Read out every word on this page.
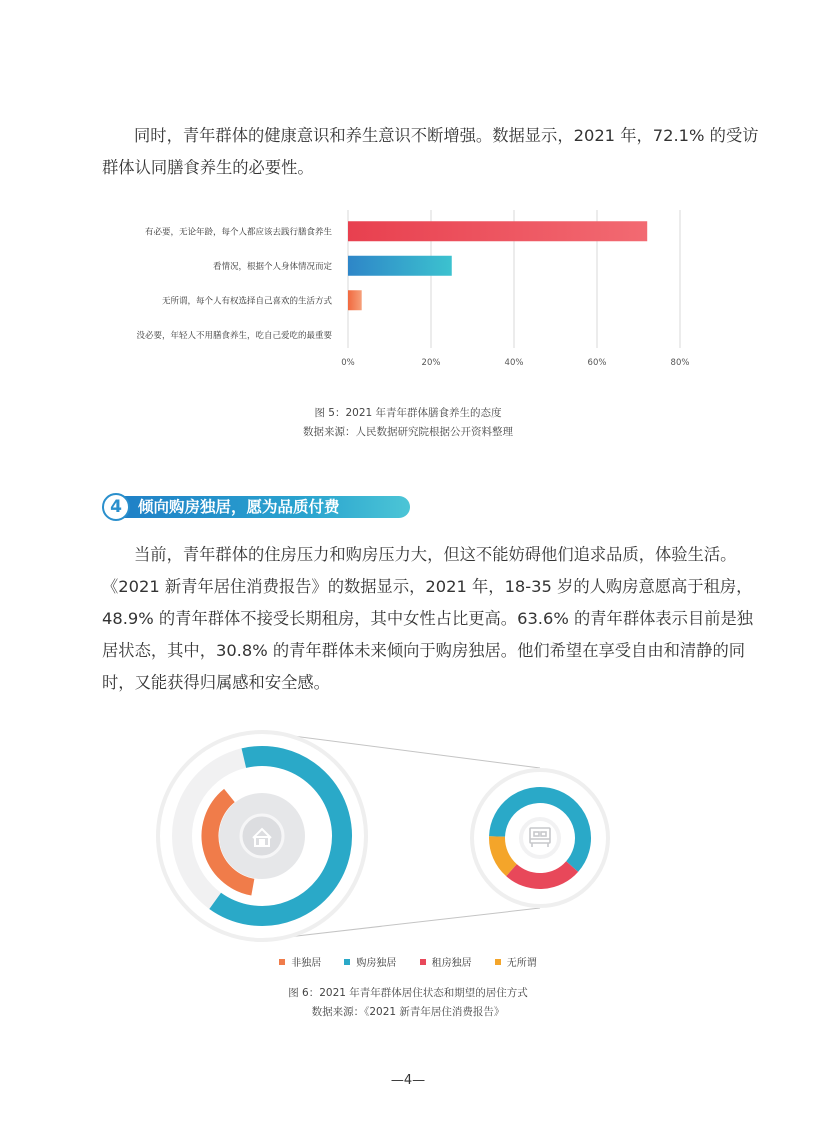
同时，青年群体的健康意识和养生意识不断增强。数据显示，2021 年，72.1% 的受访
群体认同膳食养生的必要性。
0%	20%	40%	60%	80%
有必要，无论年龄，每个人都应该去践行膳食养生
看情况，根据个人身体情况而定
无所谓，每个人有权选择自己喜欢的生活方式
没必要，年轻人不用膳食养生，吃自己爱吃的最重要
图 5：2021 年青年群体膳食养生的态度
数据来源：人民数据研究院根据公开资料整理
4	倾向购房独居，愿为品质付费
当前，青年群体的住房压力和购房压力大，但这不能妨碍他们追求品质，体验生活。
《2021 新青年居住消费报告》的数据显示，2021 年，18-35 岁的人购房意愿高于租房，
48.9% 的青年群体不接受长期租房，其中女性占比更高。63.6% 的青年群体表示目前是独
居状态，其中，30.8% 的青年群体未来倾向于购房独居。他们希望在享受自由和清静的同
时，又能获得归属感和安全感。
非独居	购房独居	租房独居	无所谓
图 6：2021 年青年群体居住状态和期望的居住方式
数据来源：《2021 新青年居住消费报告》
—4—
